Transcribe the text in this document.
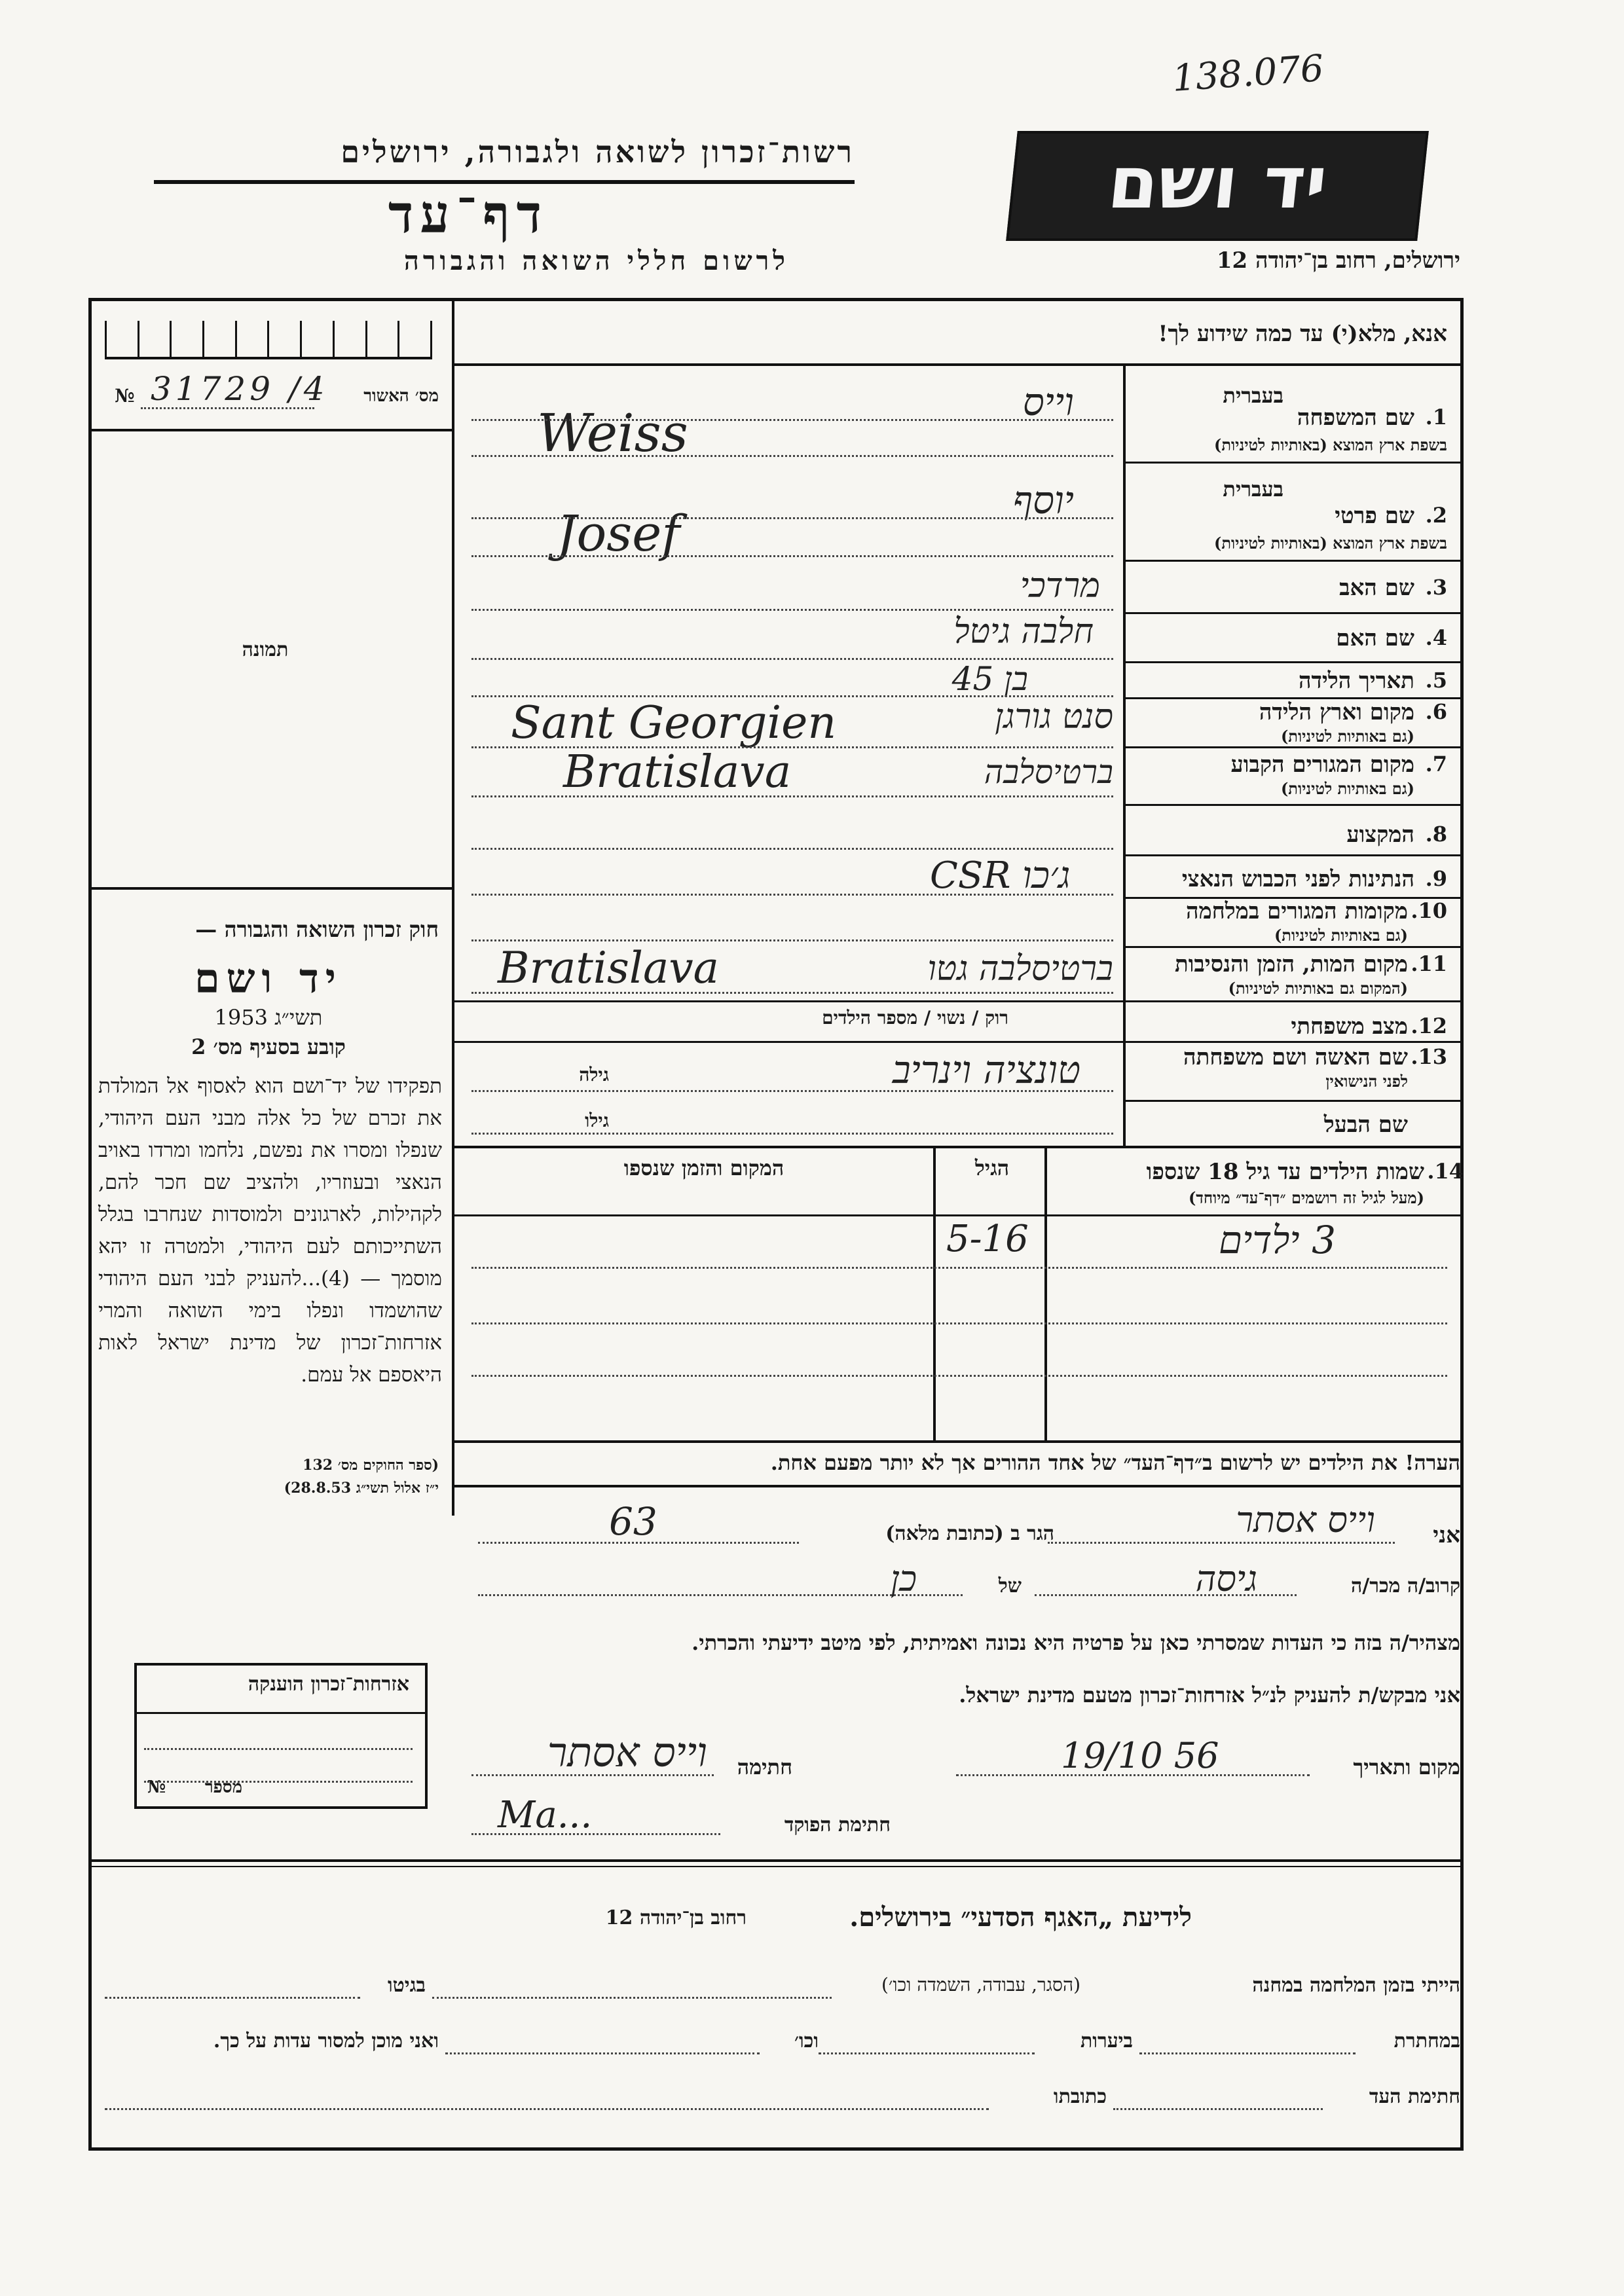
138.076
יד ושם
רשות־זכרון לשואה ולגבורה, ירושלים
דף־עד
לרשום חללי השואה והגבורה	ירושלים, רחוב בן־יהודה 12
מס׳ האשור
№ 31729 /4
תמונה
חוק זכרון השואה והגבורה —
יד ושם
תשי״ג 1953
קובע בסעיף מס׳ 2
תפקידו של יד־ושם הוא לאסוף אל המולדת את זכרם של כל אלה מבני העם היהודי, שנפלו ומסרו את נפשם, נלחמו ומרדו באויב הנאצי ובעוזריו, ולהציב שם חכר להם, לקהילות, לארגונים ולמוסדות שנחרבו בגלל השתייכותם לעם היהודי, ולמטרה זו יהא מוסמך — (4)...להעניק לבני העם היהודי שהושמדו ונפלו בימי השואה והמרי אזרחות־זכרון של מדינת ישראל לאות היאספם אל עמם.
(ספר החוקים מס׳ 132
י״ז אלול תשי״ג 28.8.53)
אזרחות־זכרון הוענקה
מספר
№
אנא, מלא(י) עד כמה שידוע לך!
בעברית
1.
שם המשפחה
בשפת ארץ המוצא (באותיות לטיניות)
וייס
Weiss
בעברית
2.
שם פרטי
בשפת ארץ המוצא (באותיות לטיניות)
יוסף
Josef
3.
שם האב
מרדכי
4.
שם האם
חלבה גיטל
5.
תאריך הלידה
בן 45
6.
מקום וארץ הלידה
(גם באותיות לטיניות)
סנט גורגן
Sant Georgien
7.
מקום המגורים הקבוע
(גם באותיות לטיניות)
ברטיסלבה
Bratislava
8.
המקצוע
9.
הנתינות לפני הכבוש הנאצי
CSR ג׳כו
10.
מקומות המגורים במלחמה
(גם באותיות לטיניות)
11.
מקום המות, הזמן והנסיבות
(המקום גם באותיות לטיניות)
ברטיסלבה גטו
Bratislava
12.
מצב משפחתי
רוק / נשוי / מספר הילדים
13.
שם האשה ושם משפחתה
לפני הנישואין
גילה	טונציה וינריב
שם הבעל
גילו
14.
שמות הילדים עד גיל 18 שנספו
(מעל לגיל זה רושמים ״דף־עד״ מיוחד)
הגיל
המקום והזמן שנספו
3 ילדים
5-16
הערה! את הילדים יש לרשום ב״דף־העד״ של אחד ההורים אך לא יותר מפעם אחת.
אני
וייס אסתר
הגר ב (כתובת מלאה)
63
קרוב/ה מכר/ה
גיסה
של
כן
מצהיר/ה בזה כי העדות שמסרתי כאן על פרטיה היא נכונה ואמיתית, לפי מיטב ידיעתי והכרתי.
אני מבקש/ת להעניק לנ״ל אזרחות־זכרון מטעם מדינת ישראל.
מקום ותאריך
19/10 56
חתימה
וייס אסתר
חתימת הפוקד
Ma...
לידיעת „האגף הסדעי״ בירושלים.
רחוב בן־יהודה 12
הייתי בזמן המלחמה במחנה
(הסגר, עבודה, השמדה וכו׳)
בגיטו
במחתרת
ביערות
וכו׳
ואני מוכן למסור עדות על כך.
חתימת העד
כתובתו
